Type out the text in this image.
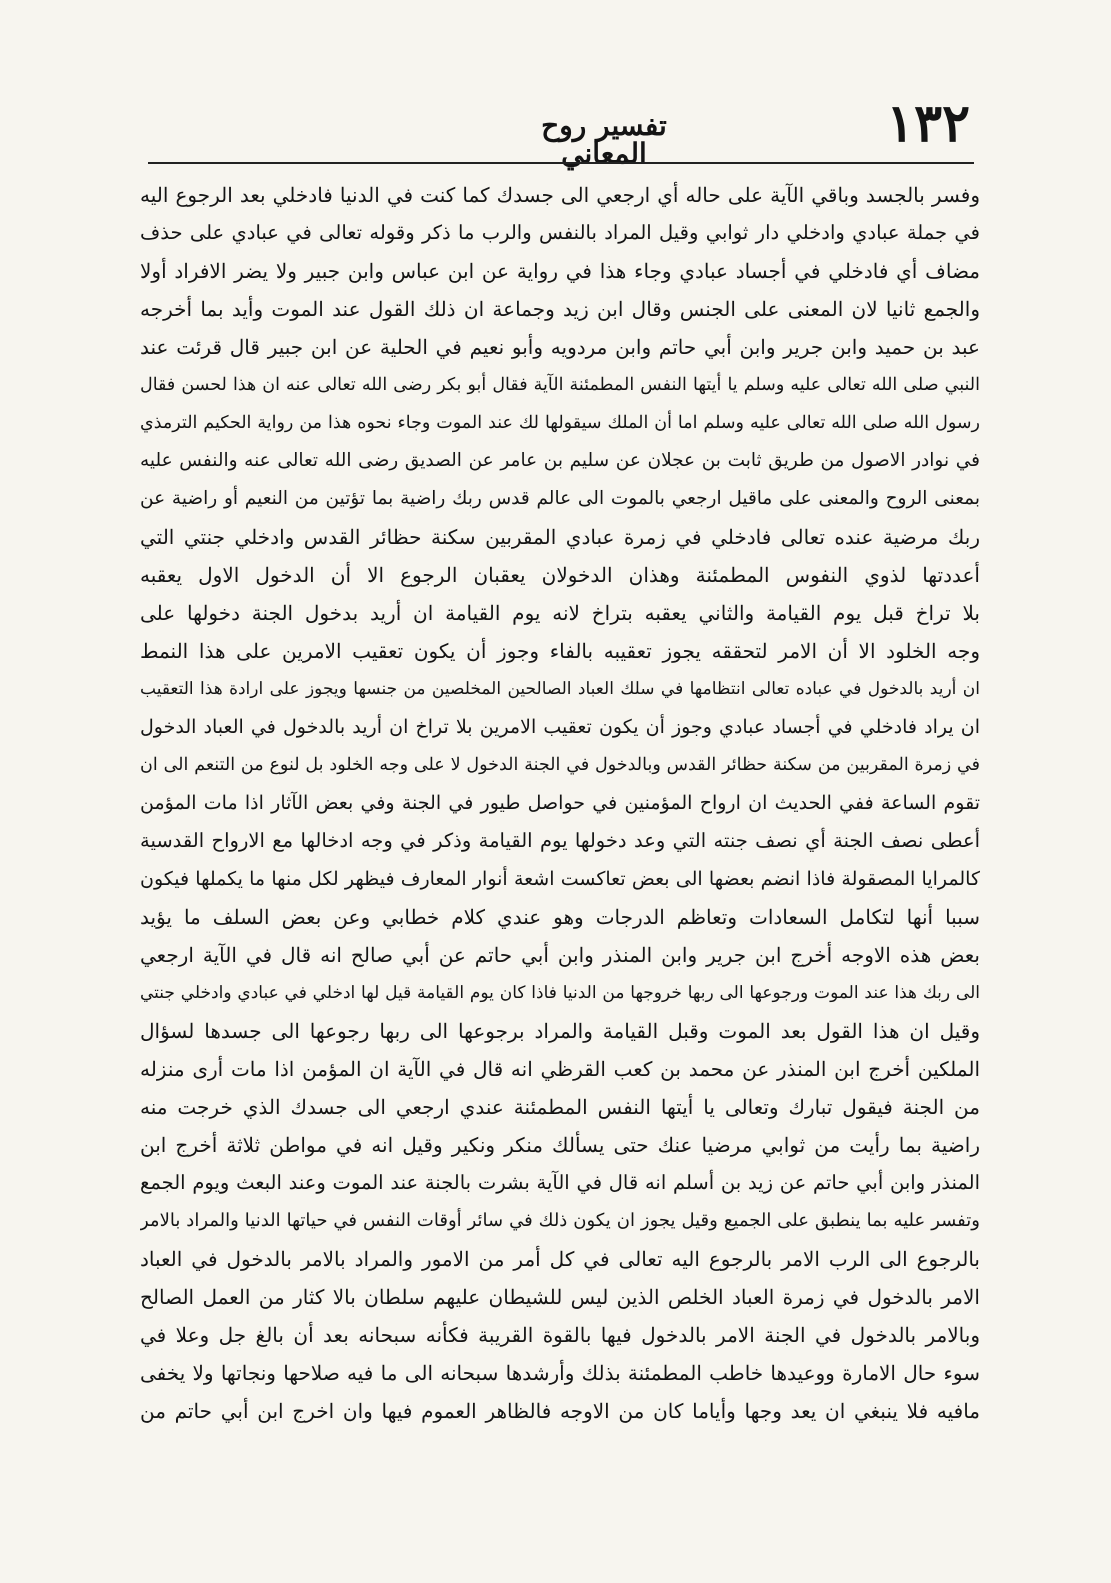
١٣٢
تفسير روح المعاني
وفسر بالجسد وباقي الآية على حاله أي ارجعي الى جسدك كما كنت في الدنيا فادخلي بعد الرجوع اليه
في جملة عبادي وادخلي دار ثوابي وقيل المراد بالنفس والرب ما ذكر وقوله تعالى في عبادي على حذف
مضاف أي فادخلي في أجساد عبادي وجاء هذا في رواية عن ابن عباس وابن جبير ولا يضر الافراد أولا
والجمع ثانيا لان المعنى على الجنس وقال ابن زيد وجماعة ان ذلك القول عند الموت وأيد بما أخرجه
عبد بن حميد وابن جرير وابن أبي حاتم وابن مردويه وأبو نعيم في الحلية عن ابن جبير قال قرئت عند
النبي صلى الله تعالى عليه وسلم يا أيتها النفس المطمئنة الآية فقال أبو بكر رضى الله تعالى عنه ان هذا لحسن فقال
رسول الله صلى الله تعالى عليه وسلم اما أن الملك سيقولها لك عند الموت وجاء نحوه هذا من رواية الحكيم الترمذي
في نوادر الاصول من طريق ثابت بن عجلان عن سليم بن عامر عن الصديق رضى الله تعالى عنه والنفس عليه
بمعنى الروح والمعنى على ماقيل ارجعي بالموت الى عالم قدس ربك راضية بما تؤتين من النعيم أو راضية عن
ربك مرضية عنده تعالى فادخلي في زمرة عبادي المقربين سكنة حظائر القدس وادخلي جنتي التي
أعددتها لذوي النفوس المطمئنة وهذان الدخولان يعقبان الرجوع الا أن الدخول الاول يعقبه
بلا تراخ قبل يوم القيامة والثاني يعقبه بتراخ لانه يوم القيامة ان أريد بدخول الجنة دخولها على
وجه الخلود الا أن الامر لتحققه يجوز تعقيبه بالفاء وجوز أن يكون تعقيب الامرين على هذا النمط
ان أريد بالدخول في عباده تعالى انتظامها في سلك العباد الصالحين المخلصين من جنسها ويجوز على ارادة هذا التعقيب
ان يراد فادخلي في أجساد عبادي وجوز أن يكون تعقيب الامرين بلا تراخ ان أريد بالدخول في العباد الدخول
في زمرة المقربين من سكنة حظائر القدس وبالدخول في الجنة الدخول لا على وجه الخلود بل لنوع من التنعم الى ان
تقوم الساعة ففي الحديث ان ارواح المؤمنين في حواصل طيور في الجنة وفي بعض الآثار اذا مات المؤمن
أعطى نصف الجنة أي نصف جنته التي وعد دخولها يوم القيامة وذكر في وجه ادخالها مع الارواح القدسية
كالمرايا المصقولة فاذا انضم بعضها الى بعض تعاكست اشعة أنوار المعارف فيظهر لكل منها ما يكملها فيكون
سببا أنها لتكامل السعادات وتعاظم الدرجات وهو عندي كلام خطابي وعن بعض السلف ما يؤيد
بعض هذه الاوجه أخرج ابن جرير وابن المنذر وابن أبي حاتم عن أبي صالح انه قال في الآية ارجعي
الى ربك هذا عند الموت ورجوعها الى ربها خروجها من الدنيا فاذا كان يوم القيامة قيل لها ادخلي في عبادي وادخلي جنتي
وقيل ان هذا القول بعد الموت وقبل القيامة والمراد برجوعها الى ربها رجوعها الى جسدها لسؤال
الملكين أخرج ابن المنذر عن محمد بن كعب القرظي انه قال في الآية ان المؤمن اذا مات أرى منزله
من الجنة فيقول تبارك وتعالى يا أيتها النفس المطمئنة عندي ارجعي الى جسدك الذي خرجت منه
راضية بما رأيت من ثوابي مرضيا عنك حتى يسألك منكر ونكير وقيل انه في مواطن ثلاثة أخرج ابن
المنذر وابن أبي حاتم عن زيد بن أسلم انه قال في الآية بشرت بالجنة عند الموت وعند البعث ويوم الجمع
وتفسر عليه بما ينطبق على الجميع وقيل يجوز ان يكون ذلك في سائر أوقات النفس في حياتها الدنيا والمراد بالامر
بالرجوع الى الرب الامر بالرجوع اليه تعالى في كل أمر من الامور والمراد بالامر بالدخول في العباد
الامر بالدخول في زمرة العباد الخلص الذين ليس للشيطان عليهم سلطان بالا كثار من العمل الصالح
وبالامر بالدخول في الجنة الامر بالدخول فيها بالقوة القريبة فكأنه سبحانه بعد أن بالغ جل وعلا في
سوء حال الامارة ووعيدها خاطب المطمئنة بذلك وأرشدها سبحانه الى ما فيه صلاحها ونجاتها ولا يخفى
مافيه فلا ينبغي ان يعد وجها وأياما كان من الاوجه فالظاهر العموم فيها وان اخرج ابن أبي حاتم من
